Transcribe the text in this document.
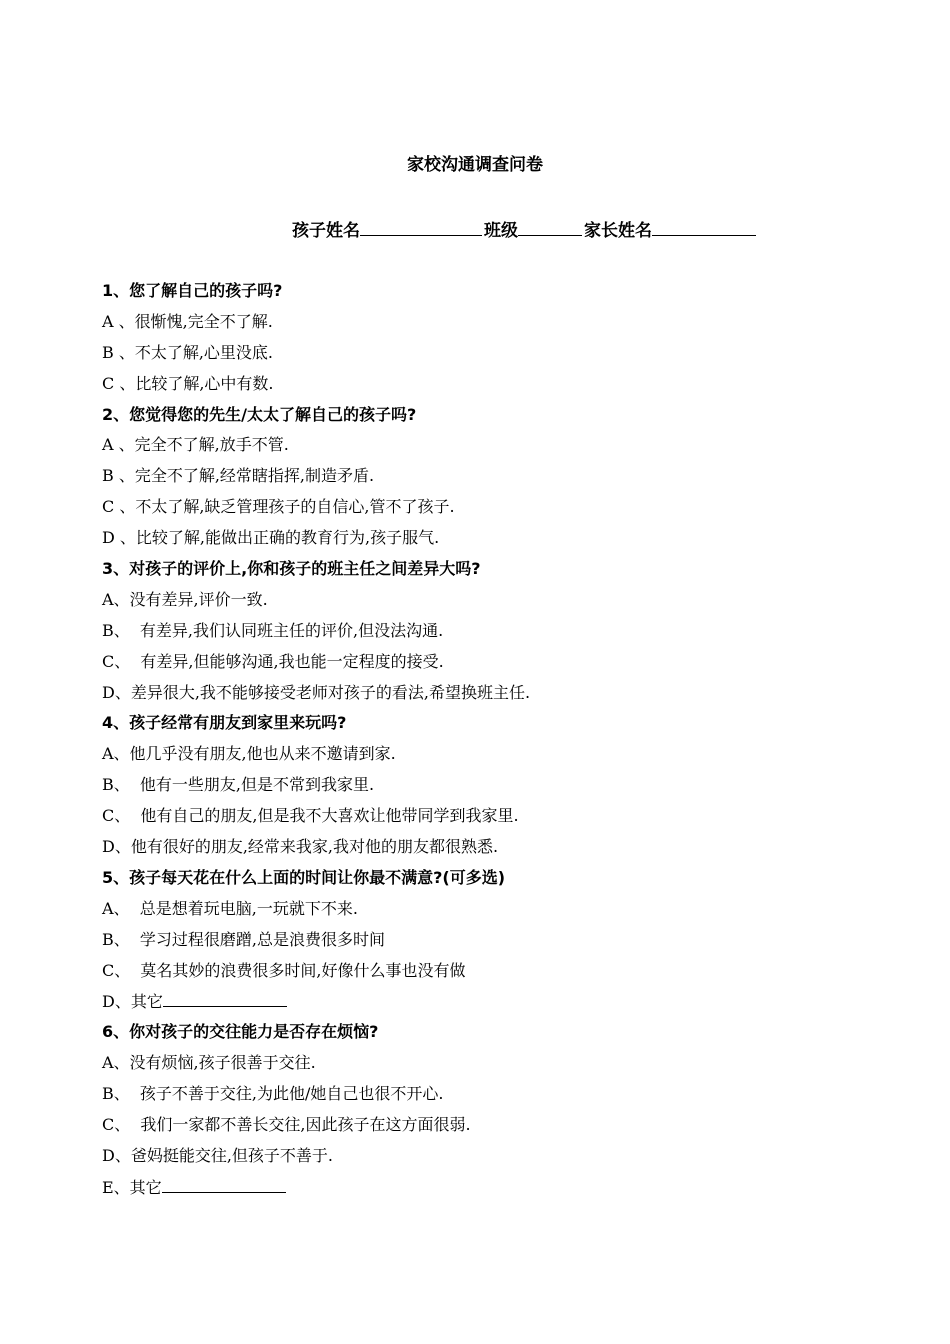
家校沟通调查问卷
孩子姓名	班级	家长姓名
1、您了解自己的孩子吗?
A 、很惭愧,完全不了解.
B 、不太了解,心里没底.
C 、比较了解,心中有数.
2、您觉得您的先生/太太了解自己的孩子吗?
A 、完全不了解,放手不管.
B 、完全不了解,经常瞎指挥,制造矛盾.
C 、不太了解,缺乏管理孩子的自信心,管不了孩子.
D 、比较了解,能做出正确的教育行为,孩子服气.
3、对孩子的评价上,你和孩子的班主任之间差异大吗?
A、没有差异,评价一致.
B、  有差异,我们认同班主任的评价,但没法沟通.
C、  有差异,但能够沟通,我也能一定程度的接受.
D、差异很大,我不能够接受老师对孩子的看法,希望换班主任.
4、孩子经常有朋友到家里来玩吗?
A、他几乎没有朋友,他也从来不邀请到家.
B、  他有一些朋友,但是不常到我家里.
C、  他有自己的朋友,但是我不大喜欢让他带同学到我家里.
D、他有很好的朋友,经常来我家,我对他的朋友都很熟悉.
5、孩子每天花在什么上面的时间让你最不满意?(可多选)
A、  总是想着玩电脑,一玩就下不来.
B、  学习过程很磨蹭,总是浪费很多时间
C、  莫名其妙的浪费很多时间,好像什么事也没有做
D、其它
6、你对孩子的交往能力是否存在烦恼?
A、没有烦恼,孩子很善于交往.
B、  孩子不善于交往,为此他/她自己也很不开心.
C、  我们一家都不善长交往,因此孩子在这方面很弱.
D、爸妈挺能交往,但孩子不善于.
E、其它
